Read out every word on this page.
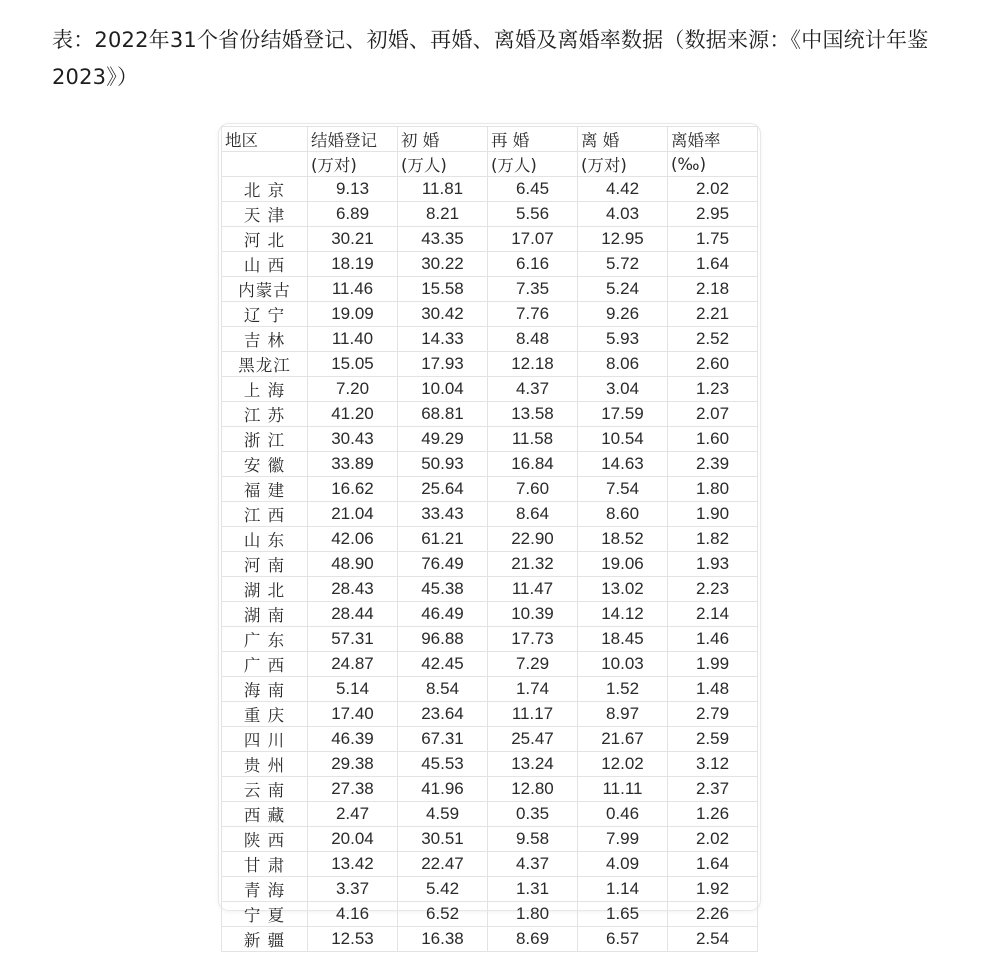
表：2022年31个省份结婚登记、初婚、再婚、离婚及离婚率数据（数据来源：《中国统计年鉴2023》）
地区	结婚登记	初 婚	再 婚	离 婚	离婚率
	(万对)	(万人)	(万人)	(万对)	(‰)
北 京	9.13	11.81	6.45	4.42	2.02
天 津	6.89	8.21	5.56	4.03	2.95
河 北	30.21	43.35	17.07	12.95	1.75
山 西	18.19	30.22	6.16	5.72	1.64
内蒙古	11.46	15.58	7.35	5.24	2.18
辽 宁	19.09	30.42	7.76	9.26	2.21
吉 林	11.40	14.33	8.48	5.93	2.52
黑龙江	15.05	17.93	12.18	8.06	2.60
上 海	7.20	10.04	4.37	3.04	1.23
江 苏	41.20	68.81	13.58	17.59	2.07
浙 江	30.43	49.29	11.58	10.54	1.60
安 徽	33.89	50.93	16.84	14.63	2.39
福 建	16.62	25.64	7.60	7.54	1.80
江 西	21.04	33.43	8.64	8.60	1.90
山 东	42.06	61.21	22.90	18.52	1.82
河 南	48.90	76.49	21.32	19.06	1.93
湖 北	28.43	45.38	11.47	13.02	2.23
湖 南	28.44	46.49	10.39	14.12	2.14
广 东	57.31	96.88	17.73	18.45	1.46
广 西	24.87	42.45	7.29	10.03	1.99
海 南	5.14	8.54	1.74	1.52	1.48
重 庆	17.40	23.64	11.17	8.97	2.79
四 川	46.39	67.31	25.47	21.67	2.59
贵 州	29.38	45.53	13.24	12.02	3.12
云 南	27.38	41.96	12.80	11.11	2.37
西 藏	2.47	4.59	0.35	0.46	1.26
陕 西	20.04	30.51	9.58	7.99	2.02
甘 肃	13.42	22.47	4.37	4.09	1.64
青 海	3.37	5.42	1.31	1.14	1.92
宁 夏	4.16	6.52	1.80	1.65	2.26
新 疆	12.53	16.38	8.69	6.57	2.54
